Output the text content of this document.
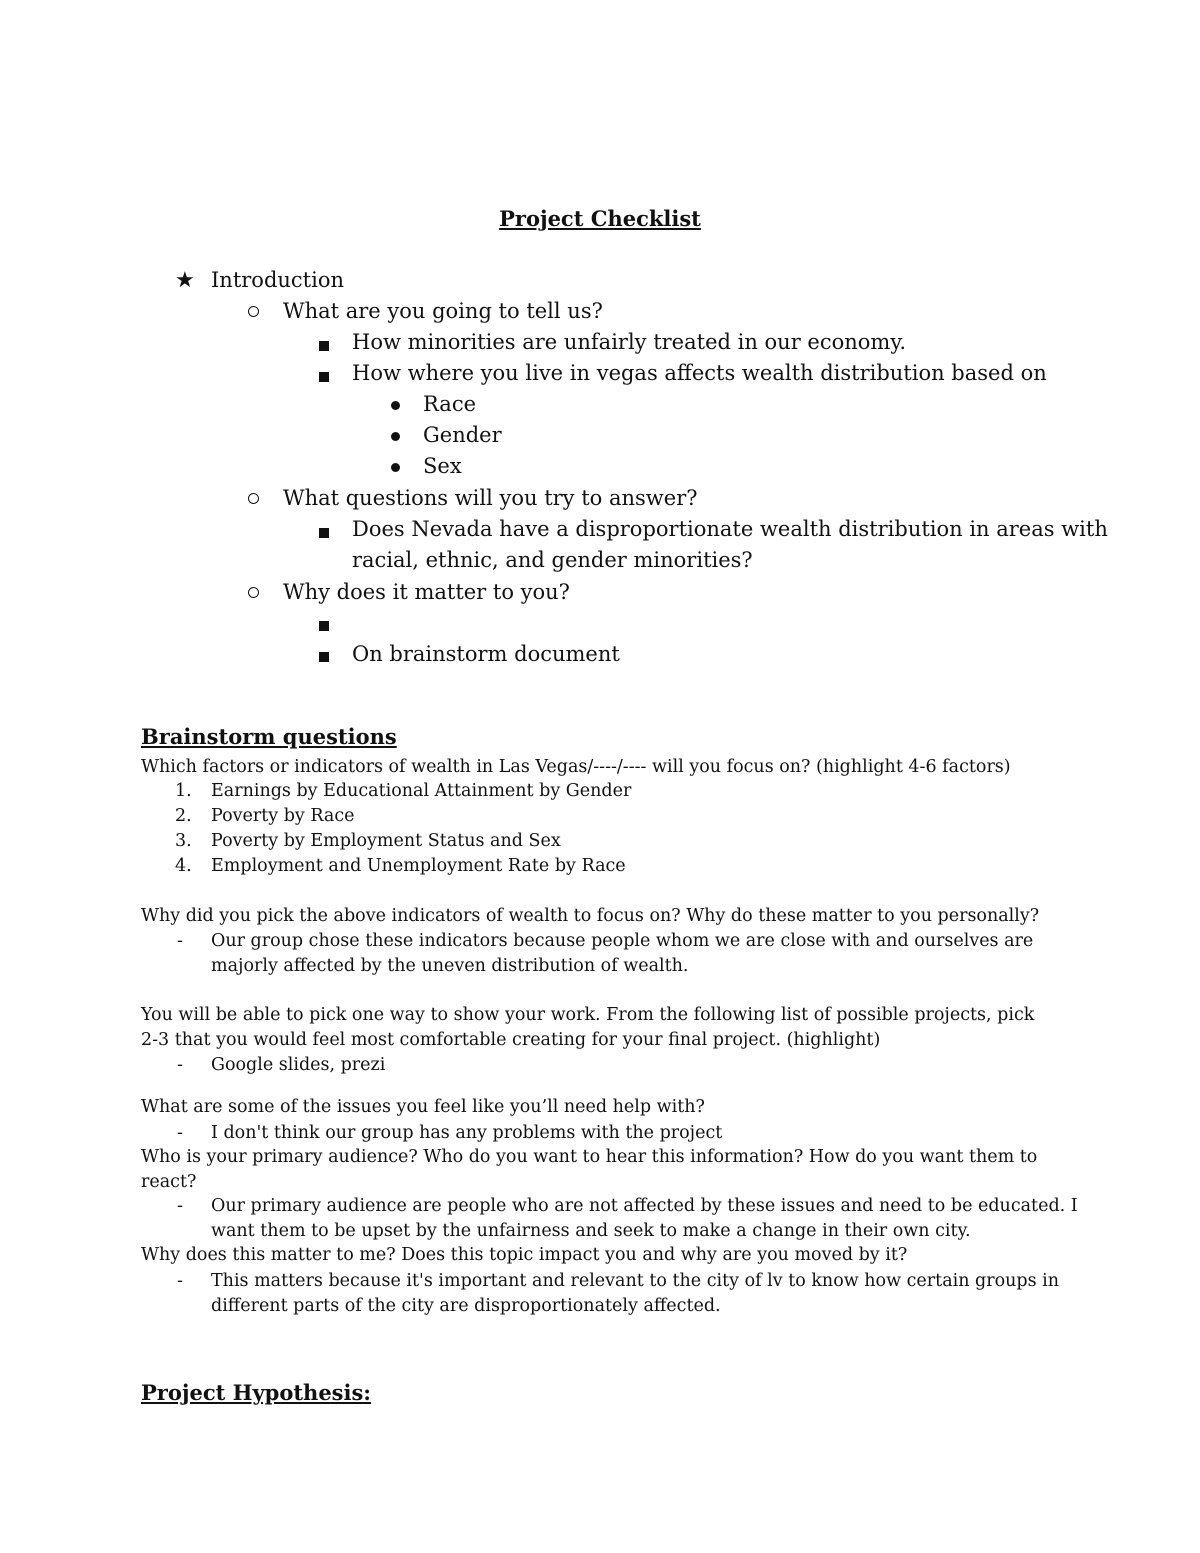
Project Checklist
★ Introduction
What are you going to tell us?
How minorities are unfairly treated in our economy.
How where you live in vegas affects wealth distribution based on
Race
Gender
Sex
What questions will you try to answer?
Does Nevada have a disproportionate wealth distribution in areas with
racial, ethnic, and gender minorities?
Why does it matter to you?
On brainstorm document
Brainstorm questions
Which factors or indicators of wealth in Las Vegas/----/---- will you focus on? (highlight 4-6 factors)
1. Earnings by Educational Attainment by Gender
2. Poverty by Race
3. Poverty by Employment Status and Sex
4. Employment and Unemployment Rate by Race
Why did you pick the above indicators of wealth to focus on? Why do these matter to you personally?
- Our group chose these indicators because people whom we are close with and ourselves are
majorly affected by the uneven distribution of wealth.
You will be able to pick one way to show your work. From the following list of possible projects, pick
2-3 that you would feel most comfortable creating for your final project. (highlight)
- Google slides, prezi
What are some of the issues you feel like you’ll need help with?
- I don't think our group has any problems with the project
Who is your primary audience? Who do you want to hear this information? How do you want them to
react?
- Our primary audience are people who are not affected by these issues and need to be educated. I
want them to be upset by the unfairness and seek to make a change in their own city.
Why does this matter to me? Does this topic impact you and why are you moved by it?
- This matters because it's important and relevant to the city of lv to know how certain groups in
different parts of the city are disproportionately affected.
Project Hypothesis:
